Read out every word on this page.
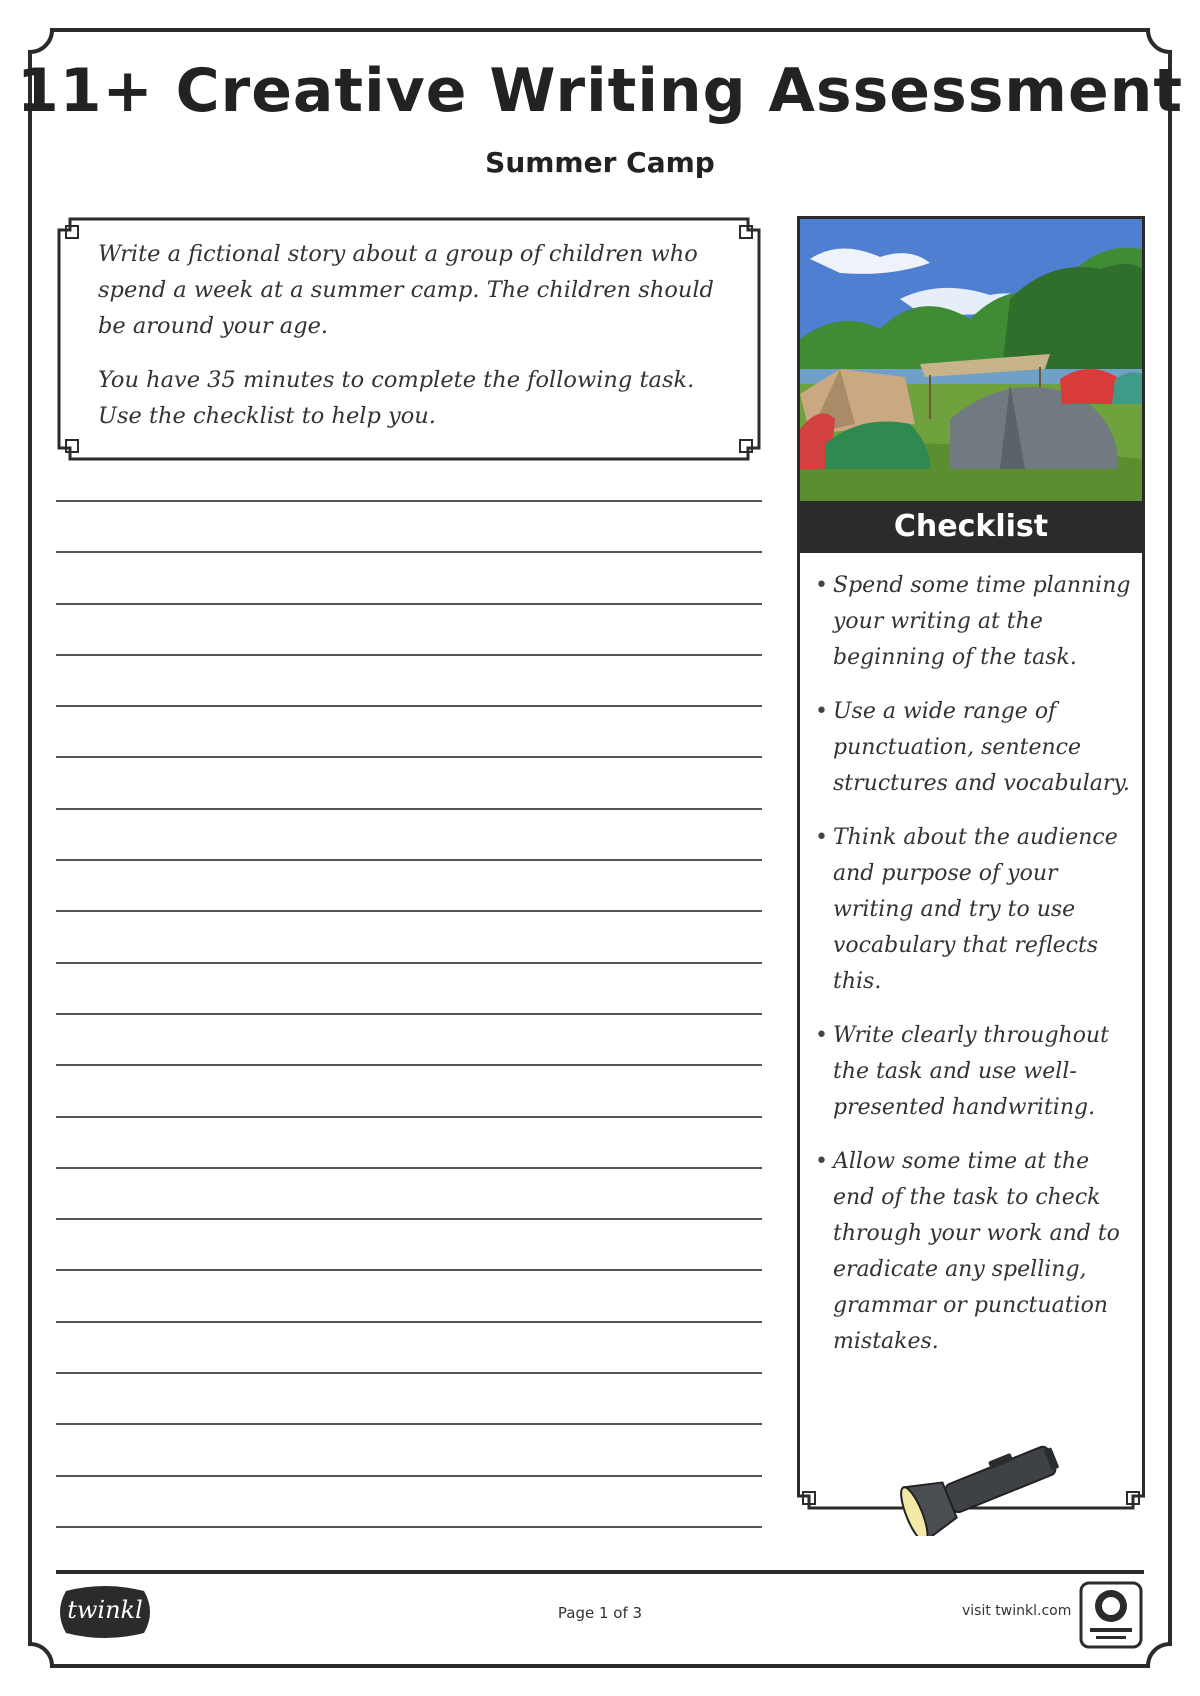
11+ Creative Writing Assessment
Summer Camp

Write a fictional story about a group of children who spend a week at a summer camp. The children should be around your age.

You have 35 minutes to complete the following task. Use the checklist to help you.

Checklist
• Spend some time planning your writing at the beginning of the task.
• Use a wide range of punctuation, sentence structures and vocabulary.
• Think about the audience and purpose of your writing and try to use vocabulary that reflects this.
• Write clearly throughout the task and use well-presented handwriting.
• Allow some time at the end of the task to check through your work and to eradicate any spelling, grammar or punctuation mistakes.
twinkl	Page 1 of 3	visit twinkl.com
